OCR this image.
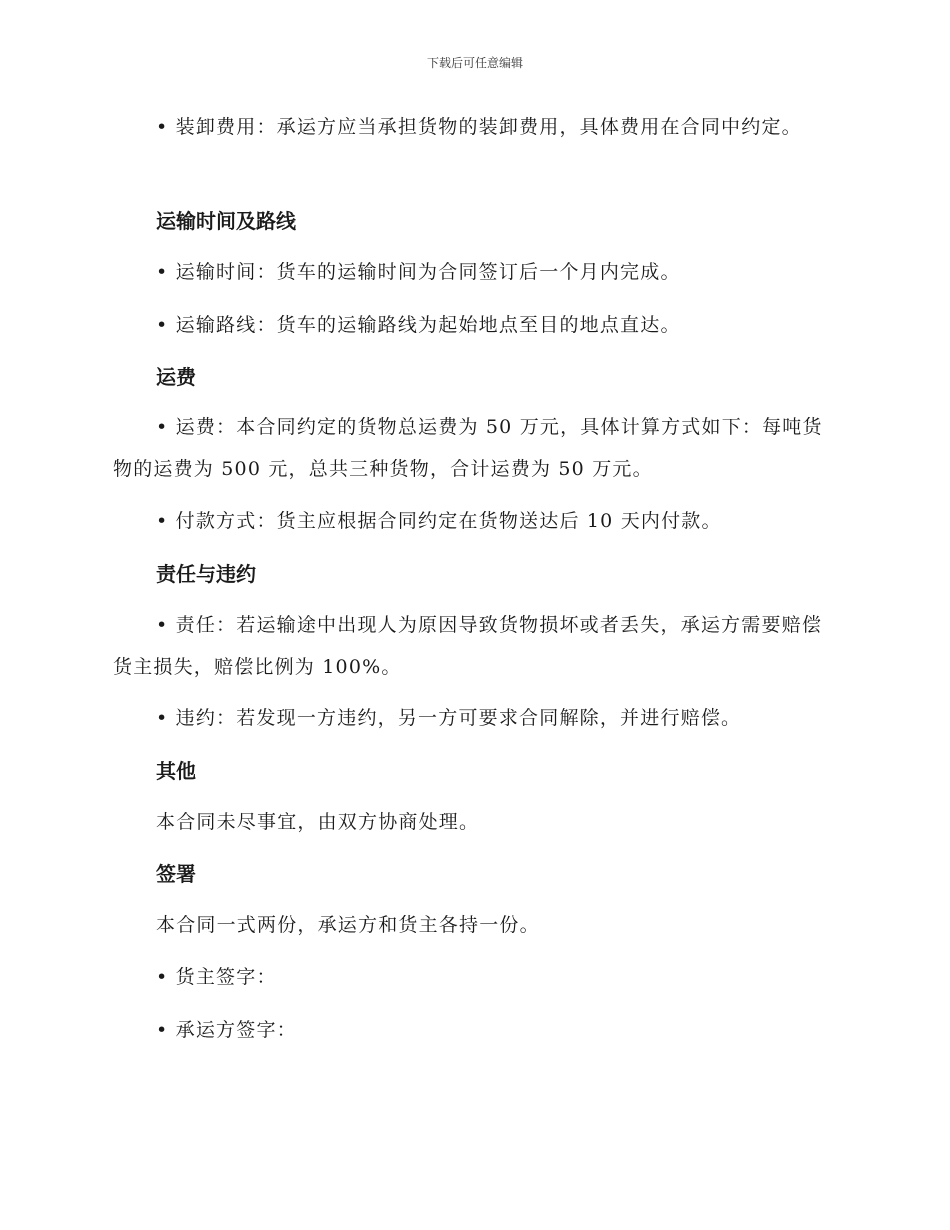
下载后可任意编辑

• 装卸费用：承运方应当承担货物的装卸费用，具体费用在合同中约定。

运输时间及路线

• 运输时间：货车的运输时间为合同签订后一个月内完成。

• 运输路线：货车的运输路线为起始地点至目的地点直达。

运费

• 运费：本合同约定的货物总运费为 50 万元，具体计算方式如下：每吨货物的运费为 500 元，总共三种货物，合计运费为 50 万元。

• 付款方式：货主应根据合同约定在货物送达后 10 天内付款。

责任与违约

• 责任：若运输途中出现人为原因导致货物损坏或者丢失，承运方需要赔偿货主损失，赔偿比例为 100%。

• 违约：若发现一方违约，另一方可要求合同解除，并进行赔偿。

其他

本合同未尽事宜，由双方协商处理。

签署

本合同一式两份，承运方和货主各持一份。

• 货主签字：

• 承运方签字：
